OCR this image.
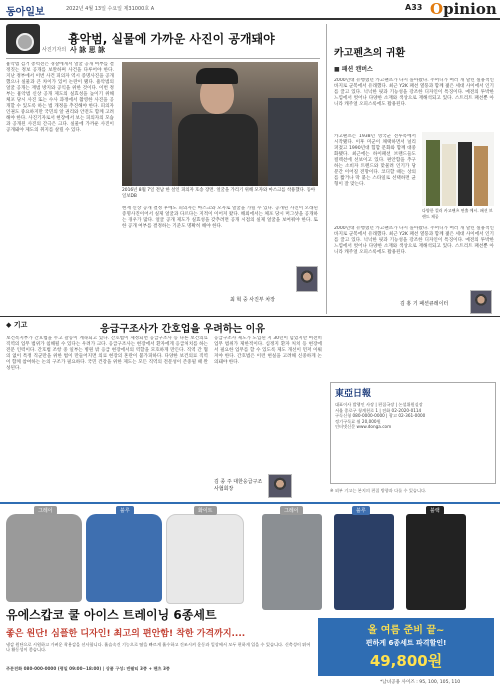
동아일보	2022년 4월 13일 수요일 제31000호 A	A33 Opinion
흉악범, 실물에 가까운 사진이 공개돼야
사진기자의 사 詠 思 詠
흉악범 검거 총력전은 경찰에게서 얼굴 공개 여부를 결정짓는 정보 공개를 보완하며 사건을 다루어야 한다. 지난 정부에서 이번 사건 피의자 역시 증명사진을 공개했으나 실물과 큰 차이가 있어 논란이 됐다. 흉악범의 얼굴 공개는 재범 방지와 공익을 위한 것이다. 이번 정부는 흉악범 신상 공개 제도의 실효성을 높이기 위해 체포 당시 사진 또는 수사 과정에서 촬영한 사진을 공개할 수 있도록 하는 법 개정을 추진해야 한다. 피의자 인권도 중요하지만 국민의 알 권리와 안전도 함께 고려해야 한다. 사진기자로서 현장에서 보는 피의자의 모습과 공개된 사진의 간극은 크다. 실물에 가까운 사진이 공개돼야 제도의 취지를 살릴 수 있다.
2016년 8월 7일 전남 한 살인 피의자 호송 장면. 얼굴을 가리기 위해 모자와 마스크를 착용했다. 동아일보DB
현재 신상 공개 결정 후에도 피의자는 마스크와 모자로 얼굴을 가릴 수 있다. 공개된 사진이 오래된 증명사진이어서 실제 얼굴과 다르다는 지적이 이어져 왔다. 해외에서는 체포 당시 머그샷을 공개하는 경우가 많다. 얼굴 공개 제도가 실효성을 갖추려면 공개 시점의 실제 얼굴을 보여줘야 한다. 또한 공개 여부를 결정하는 기준도 명확히 해야 한다.
최 혁 중 사진부 차장
카고펜츠의 귀환
■ 패션 캔버스
2000년대 유행했던 카고팬츠가 다시 돌아왔다. 주머니가 여러 개 달린 실용적인 바지로 군복에서 유래했다. 최근 Y2K 패션 열풍과 함께 젊은 세대 사이에서 인기를 끌고 있다. 넉넉한 핏과 기능성을 강조한 디자인이 특징이다. 예전의 투박한 느낌에서 벗어나 다양한 소재와 색상으로 재해석되고 있다. 스트리트 패션뿐 아니라 캐주얼 오피스룩에도 활용된다.
카고팬츠는 1938년 영국군 전투복에서 시작됐다. 이후 미군이 채택하면서 널리 퍼졌고 1990년대 힙합 문화와 함께 대중화됐다. 최근에는 하이패션 브랜드들도 컬렉션에 선보이고 있다. 편안함을 추구하는 소비자 트렌드와 맞물려 인기가 당분간 이어질 전망이다. 코디할 때는 상의를 짧거나 딱 붙는 스타일로 선택하면 균형이 잘 맞는다.
다양한 컬러 카고팬츠 연출 예시. 패션 브랜드 제공
2000년대 유행했던 카고팬츠가 다시 돌아왔다. 주머니가 여러 개 달린 실용적인 바지로 군복에서 유래했다. 최근 Y2K 패션 열풍과 함께 젊은 세대 사이에서 인기를 끌고 있다. 넉넉한 핏과 기능성을 강조한 디자인이 특징이다. 예전의 투박한 느낌에서 벗어나 다양한 소재와 색상으로 재해석되고 있다. 스트리트 패션뿐 아니라 캐주얼 오피스룩에도 활용된다.
김 홍 기 패션큐레이터
◆ 기고	응급구조사가 간호업을 우려하는 이유
보건복지부가 간호법을 두고 갈등이 계속되고 있다. 간호법이 제정되면 응급구조사 등 다른 보건의료 직역의 업무 범위가 침해될 수 있다는 우려가 크다. 응급구조사는 현장에서 환자에게 응급처치를 하는 전문 인력이다. 간호법 조항 중 일부는 병원 밖 응급 현장에서의 역할을 모호하게 만든다. 직역 간 협의 없이 특정 직군만을 위한 법이 만들어지면 의료 현장의 혼란이 불가피하다. 다양한 보건의료 직역이 함께 참여하는 논의 구조가 필요하다. 국민 건강을 위한 제도는 모든 직역의 전문성이 존중될 때 완성된다.
응급구조사 제도가 도입된 지 30년이 넘었지만 여전히 업무 범위가 제한적이다. 심정지 환자 처치 등 현장에서 필요한 업무를 할 수 있도록 제도 개선이 먼저 이뤄져야 한다. 간호법은 이런 현실을 고려해 신중하게 논의돼야 한다.
김 종 주 대한응급구조사협회장
東亞日報
대표이사 발행인 사장 | 편집국장 | 논설위원실장
서울 종로구 청계천로 1 | 전화 02-2020-0114
구독신청 080-0000-0000 | 광고 02-361-0000
정기구독료 월 20,000원
인터넷신문 www.donga.com
※ 외부 기고는 본지의 편집 방향과 다를 수 있습니다.
그레이	블루	화이트	그레이	블루	블랙
유에스캅코 쿨 아이스 트레이닝 6종세트
좋은 원단! 심플한 디자인! 최고의 편안함! 착한 가격까지....
냉감 원단으로 시원하고 가벼운 착용감을 선사합니다. 흡습속건 기능으로 땀을 빠르게 흡수하고 건조시켜 운동과 일상에서 모두 편하게 입을 수 있습니다. 신축성이 뛰어나 활동성이 좋습니다.
주문전화 080-000-0000 (평일 09:00~18:00) | 상품 구성: 반팔티 3종 + 팬츠 3종
올 여름 준비 끝~
편하게 6종세트 파격할인!
49,800원
*남녀공용 사이즈 : 95, 100, 105, 110
